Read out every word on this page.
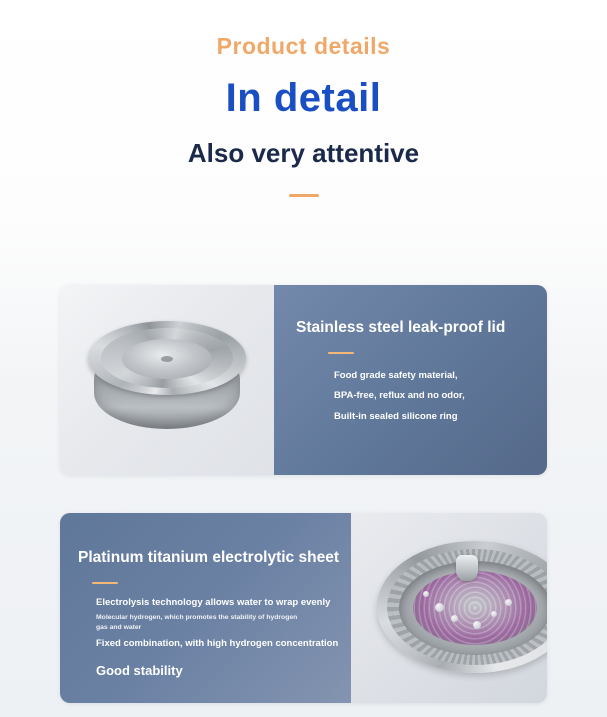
Product details
In detail
Also very attentive
Stainless steel leak-proof lid
Food grade safety material,
BPA-free, reflux and no odor,
Built-in sealed silicone ring
Platinum titanium electrolytic sheet
Electrolysis technology allows water to wrap evenly
Molecular hydrogen, which promotes the stability of hydrogen gas and water
Fixed combination, with high hydrogen concentration
Good stability
